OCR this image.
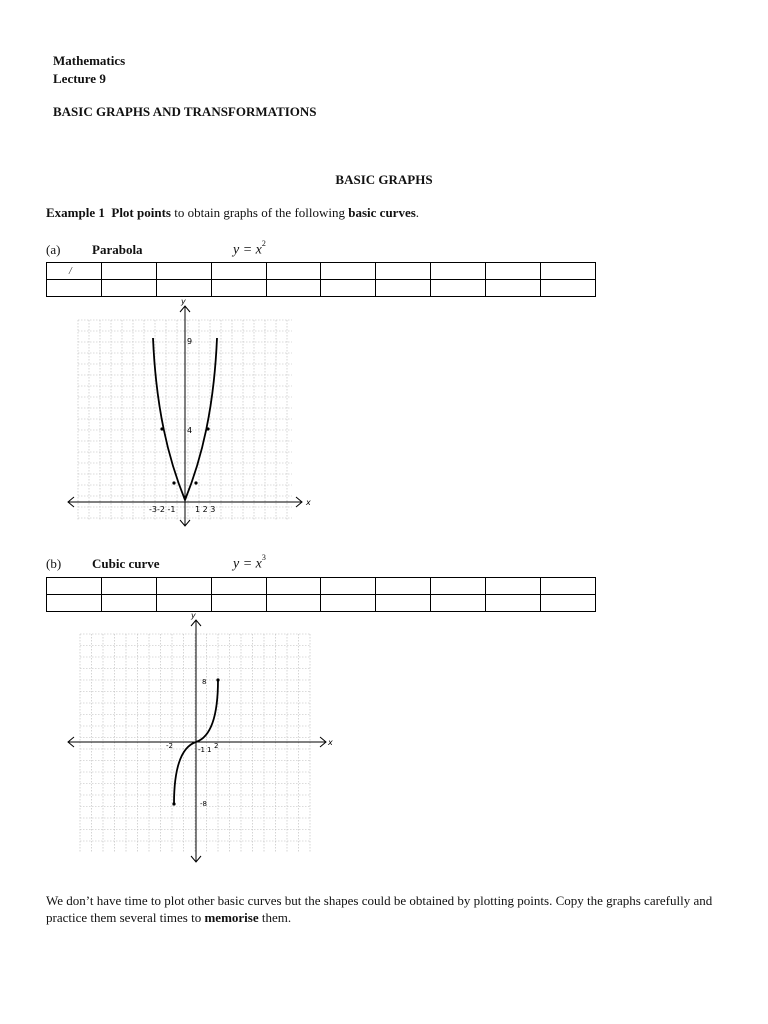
Mathematics
Lecture 9
BASIC GRAPHS AND TRANSFORMATIONS
BASIC GRAPHS
Example 1 Plot points to obtain graphs of the following basic curves.
(a) Parabola	$y = x^2$
/									

x
y
-3-2 -1 1 2 3
4
9
(b) Cubic curve	$y = x^3$

x
y
-2	-1 1 2
8
-8
We don’t have time to plot other basic curves but the shapes could be obtained by plotting points. Copy the graphs carefully and practice them several times to memorise them.
